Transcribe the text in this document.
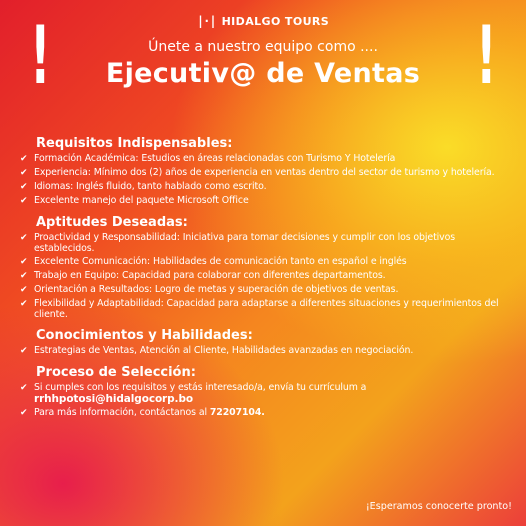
|·| HIDALGO TOURS
!	!
Únete a nuestro equipo como ....
Ejecutiv@ de Ventas
Requisitos Indispensables:
✔ Formación Académica: Estudios en áreas relacionadas con Turismo Y Hotelería
✔ Experiencia: Mínimo dos (2) años de experiencia en ventas dentro del sector de turismo y hotelería.
✔ Idiomas: Inglés fluido, tanto hablado como escrito.
✔ Excelente manejo del paquete Microsoft Office
Aptitudes Deseadas:
✔ Proactividad y Responsabilidad: Iniciativa para tomar decisiones y cumplir con los objetivos establecidos.
✔ Excelente Comunicación: Habilidades de comunicación tanto en español e inglés
✔ Trabajo en Equipo: Capacidad para colaborar con diferentes departamentos.
✔ Orientación a Resultados: Logro de metas y superación de objetivos de ventas.
✔ Flexibilidad y Adaptabilidad: Capacidad para adaptarse a diferentes situaciones y requerimientos del cliente.
Conocimientos y Habilidades:
✔ Estrategias de Ventas, Atención al Cliente, Habilidades avanzadas en negociación.
Proceso de Selección:
✔ Si cumples con los requisitos y estás interesado/a, envía tu currículum a
rrhhpotosi@hidalgocorp.bo
✔ Para más información, contáctanos al 72207104.
¡Esperamos conocerte pronto!
